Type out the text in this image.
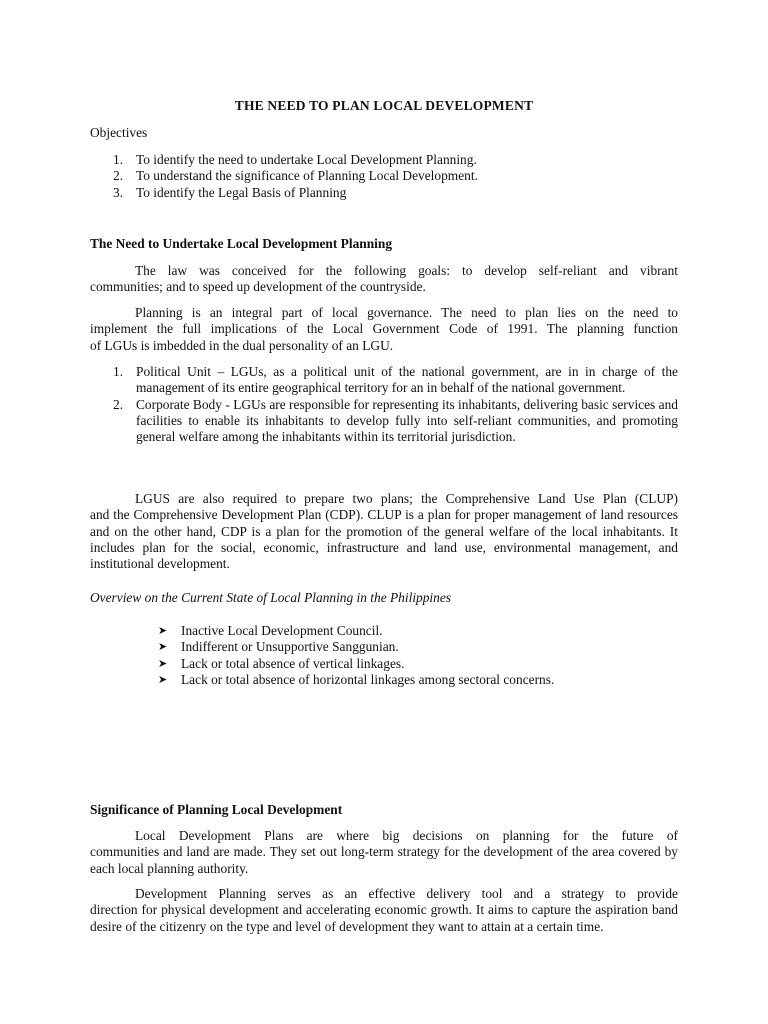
THE NEED TO PLAN LOCAL DEVELOPMENT

Objectives

1. To identify the need to undertake Local Development Planning.
2. To understand the significance of Planning Local Development.
3. To identify the Legal Basis of Planning

The Need to Undertake Local Development Planning

The law was conceived for the following goals: to develop self-reliant and vibrant

communities; and to speed up development of the countryside.

Planning is an integral part of local governance. The need to plan lies on the need to

implement the full implications of the Local Government Code of 1991. The planning function

of LGUs is imbedded in the dual personality of an LGU.

1. Political Unit – LGUs, as a political unit of the national government, are in in charge of the management of its entire geographical territory for an in behalf of the national government.
2. Corporate Body - LGUs are responsible for representing its inhabitants, delivering basic services and facilities to enable its inhabitants to develop fully into self-reliant communities, and promoting general welfare among the inhabitants within its territorial jurisdiction.

LGUS are also required to prepare two plans; the Comprehensive Land Use Plan (CLUP)

and the Comprehensive Development Plan (CDP). CLUP is a plan for proper management of land resources and on the other hand, CDP is a plan for the promotion of the general welfare of the local inhabitants. It includes plan for the social, economic, infrastructure and land use, environmental management, and institutional development.

Overview on the Current State of Local Planning in the Philippines

➤ Inactive Local Development Council.
➤ Indifferent or Unsupportive Sanggunian.
➤ Lack or total absence of vertical linkages.
➤ Lack or total absence of horizontal linkages among sectoral concerns.

Significance of Planning Local Development

Local Development Plans are where big decisions on planning for the future of

communities and land are made. They set out long-term strategy for the development of the area covered by each local planning authority.

Development Planning serves as an effective delivery tool and a strategy to provide

direction for physical development and accelerating economic growth. It aims to capture the aspiration band desire of the citizenry on the type and level of development they want to attain at a certain time.
